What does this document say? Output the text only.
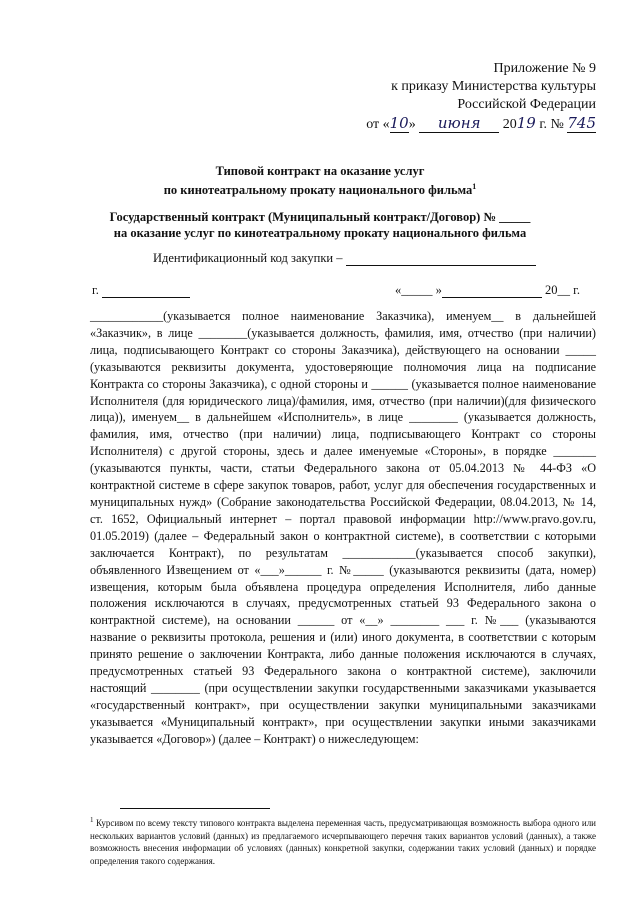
Приложение № 9
к приказу Министерства культуры
Российской Федерации
от «10» июня 2019 г. № 745
Типовой контракт на оказание услуг
по кинотеатральному прокату национального фильма$^1$
Государственный контракт (Муниципальный контракт/Договор) № _____
на оказание услуг по кинотеатральному прокату национального фильма
Идентификационный код закупки –
г.	«_____ »	20__ г.
____________(указывается полное наименование Заказчика), именуем__ в дальнейшей «Заказчик», в лице ________(указывается должность, фамилия, имя, отчество (при наличии) лица, подписывающего Контракт со стороны Заказчика), действующего на основании _____ (указываются реквизиты документа, удостоверяющие полномочия лица на подписание Контракта со стороны Заказчика), с одной стороны и ______ (указывается полное наименование Исполнителя (для юридического лица)/фамилия, имя, отчество (при наличии)(для физического лица)), именуем__ в дальнейшем «Исполнитель», в лице ________ (указывается должность, фамилия, имя, отчество (при наличии) лица, подписывающего Контракт со стороны Исполнителя) с другой стороны, здесь и далее именуемые «Стороны», в порядке _______ (указываются пункты, части, статьи Федерального закона от 05.04.2013 № 44-ФЗ «О контрактной системе в сфере закупок товаров, работ, услуг для обеспечения государственных и муниципальных нужд» (Собрание законодательства Российской Федерации, 08.04.2013, № 14, ст. 1652, Официальный интернет – портал правовой информации http://www.pravo.gov.ru, 01.05.2019) (далее – Федеральный закон о контрактной системе), в соответствии с которыми заключается Контракт), по результатам ____________(указывается способ закупки), объявленного Извещением от «___»______ г. №_____ (указываются реквизиты (дата, номер) извещения, которым была объявлена процедура определения Исполнителя, либо данные положения исключаются в случаях, предусмотренных статьей 93 Федерального закона о контрактной системе), на основании ______ от «__» ________ ___ г. №___ (указываются название о реквизиты протокола, решения и (или) иного документа, в соответствии с которым принято решение о заключении Контракта, либо данные положения исключаются в случаях, предусмотренных статьей 93 Федерального закона о контрактной системе), заключили настоящий ________ (при осуществлении закупки государственными заказчиками указывается «государственный контракт», при осуществлении закупки муниципальными заказчиками указывается «Муниципальный контракт», при осуществлении закупки иными заказчиками указывается «Договор») (далее – Контракт) о нижеследующем:
$^1$ Курсивом по всему тексту типового контракта выделена переменная часть, предусматривающая возможность выбора одного или нескольких вариантов условий (данных) из предлагаемого исчерпывающего перечня таких вариантов условий (данных), а также возможность внесения информации об условиях (данных) конкретной закупки, содержании таких условий (данных) и порядке определения такого содержания.
